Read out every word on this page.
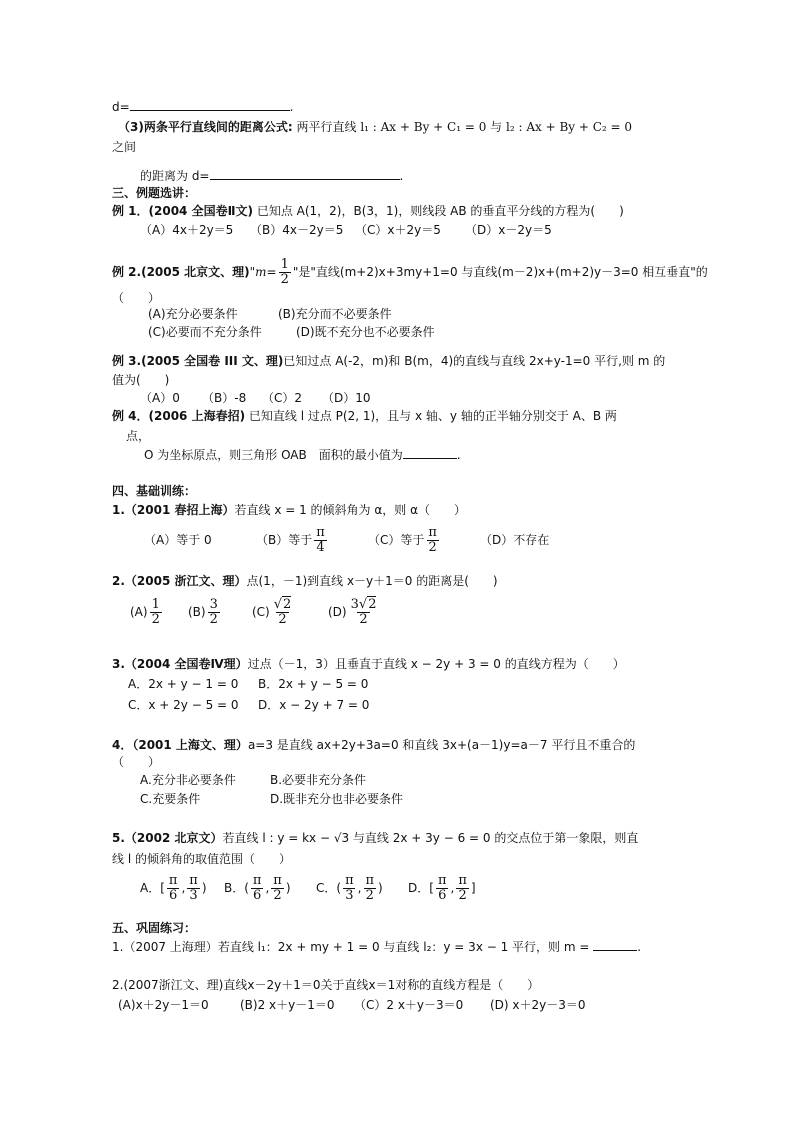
d=	.
（3)两条平行直线间的距离公式: 两平行直线 l₁ : Ax + By + C₁ = 0 与 l₂ : Ax + By + C₂ = 0
之间
的距离为 d=	.
三、例题选讲：
例 1．(2004 全国卷Ⅱ文) 已知点 A(1，2)，B(3，1)，则线段 AB 的垂直平分线的方程为(　　)
（A）4x＋2y＝5 （B）4x－2y＝5 （C）x＋2y＝5 （D）x－2y＝5
例 2.(2005 北京文、理)"m= $\frac{1}{2}$ "是"直线(m+2)x+3my+1=0 与直线(m－2)x+(m+2)y－3=0 相互垂直"的
（　　）
(A)充分必要条件	(B)充分而不必要条件
(C)必要而不充分条件	(D)既不充分也不必要条件
例 3.(2005 全国卷 III 文、理)已知过点 A(-2，m)和 B(m，4)的直线与直线 2x+y-1=0 平行,则 m 的
值为(　　)
（A）0 （B）-8 （C）2 （D）10
例 4．(2006 上海春招) 已知直线 l 过点 P(2, 1)，且与 x 轴、y 轴的正半轴分别交于 A、B 两
点，
O 为坐标原点，则三角形 OAB　面积的最小值为	.
四、基础训练：
1.（2001 春招上海）若直线 x = 1 的倾斜角为 α，则 α（　　）
（A）等于 0	（B）等于 $\frac{\pi}{4}$	（C）等于 $\frac{\pi}{2}$	（D）不存在
2.（2005 浙江文、理）点(1，－1)到直线 x－y＋1＝0 的距离是(　　)
$(A) \frac{1}{2} (B) \frac{3}{2}$	$(C) \frac{√2}{2}$	$(D) \frac{3√2}{2}$
3.（2004 全国卷Ⅳ理）过点（－1，3）且垂直于直线 x − 2y + 3 = 0 的直线方程为（　　）
A．2x + y − 1 = 0 B．2x + y − 5 = 0
C．x + 2y − 5 = 0 D．x − 2y + 7 = 0
4．（2001 上海文、理）a=3 是直线 ax+2y+3a=0 和直线 3x+(a－1)y=a－7 平行且不重合的
（　　）
A.充分非必要条件	B.必要非充分条件
C.充要条件	D.既非充分也非必要条件
5.（2002 北京文）若直线 l : y = kx − √3 与直线 2x + 3y − 6 = 0 的交点位于第一象限，则直
线 l 的倾斜角的取值范围（　　）
A．[ $\frac{\pi}{6}$ , $\frac{\pi}{3}$ ) B．( $\frac{\pi}{6}$ , $\frac{\pi}{2}$ ) C．( $\frac{\pi}{3}$ , $\frac{\pi}{2}$ ) D．[ $\frac{\pi}{6}$ , $\frac{\pi}{2}$ ]
五、巩固练习：
1.（2007 上海理）若直线 l₁：2x + my + 1 = 0 与直线 l₂：y = 3x − 1 平行，则 m =	.
2.(2007浙江文、理)直线x－2y＋1＝0关于直线x＝1对称的直线方程是（　　）
(A)x＋2y－1＝0	(B)2 x＋y－1＝0 （C）2 x＋y－3＝0 (D) x＋2y－3＝0
